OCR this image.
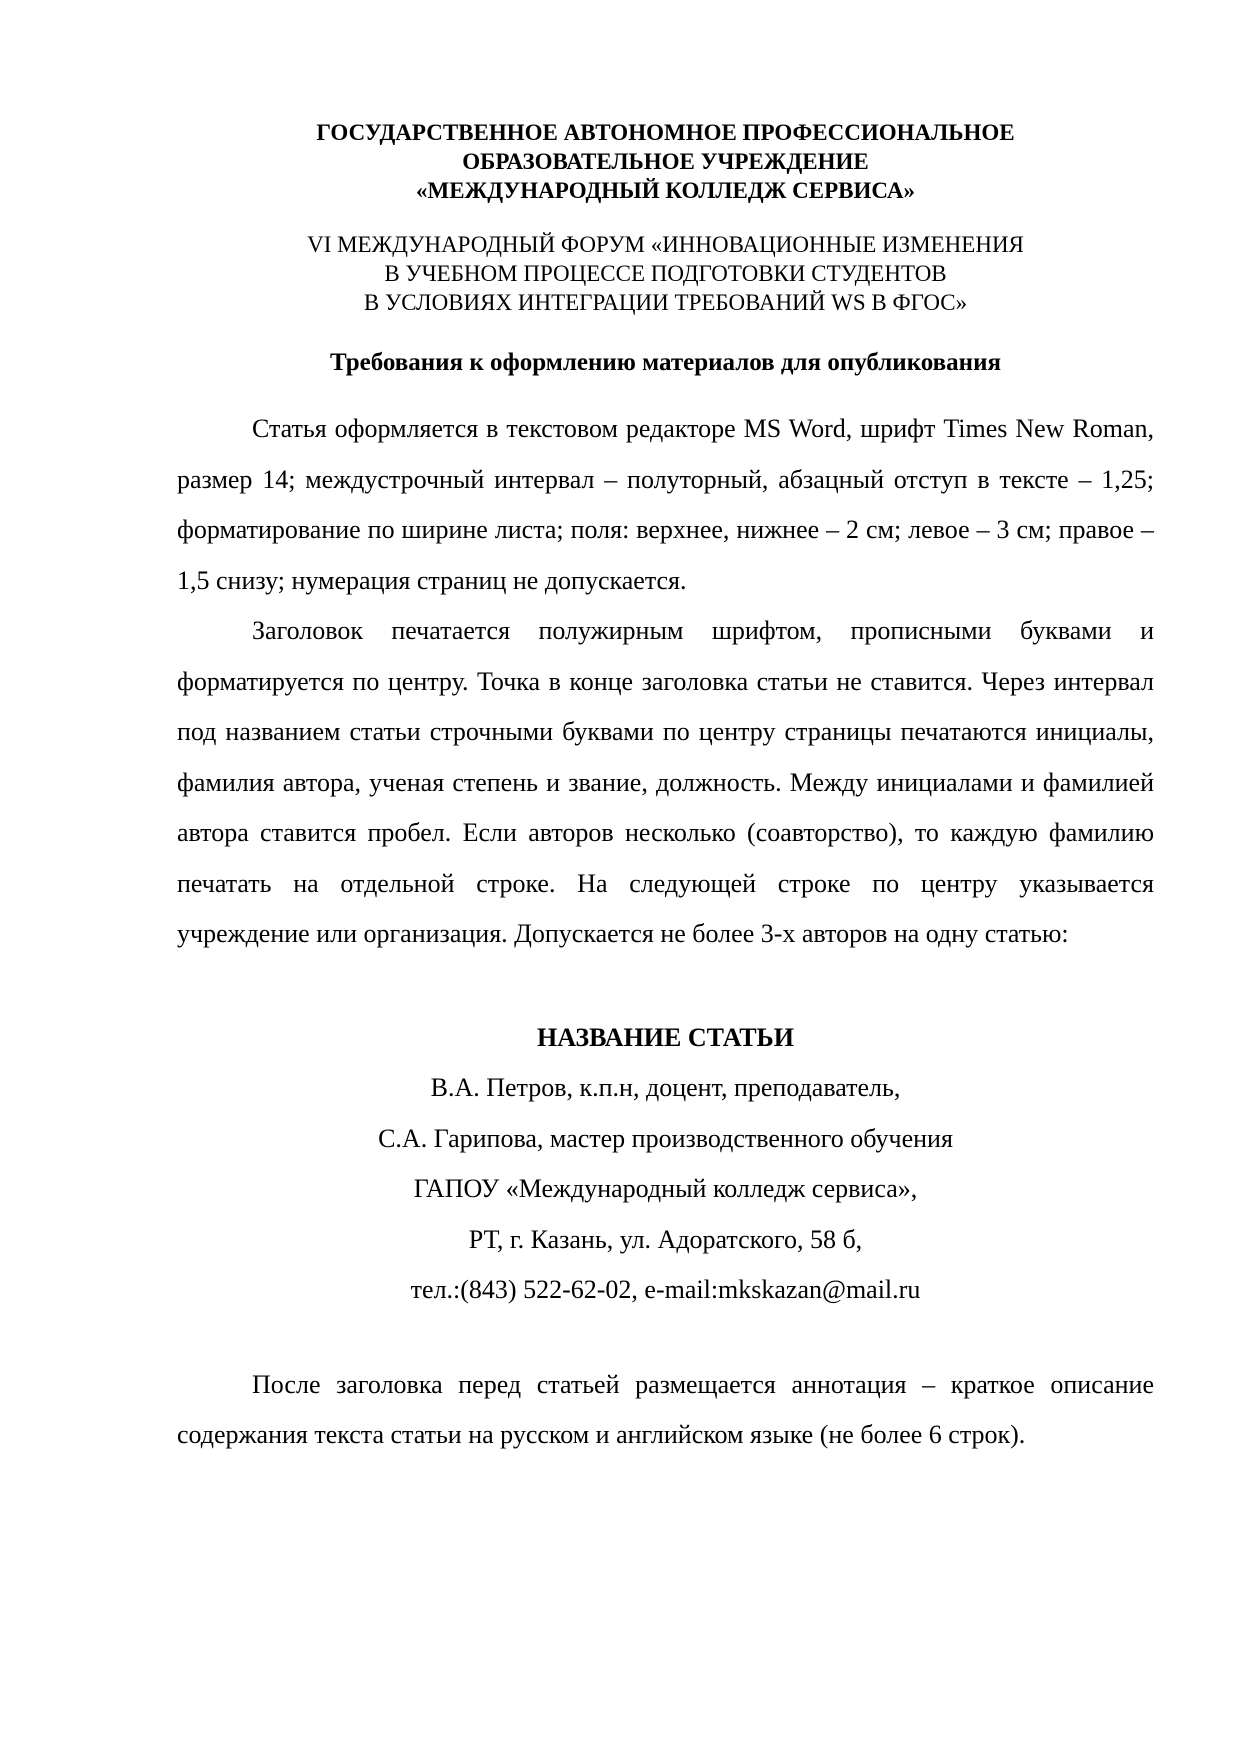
ГОСУДАРСТВЕННОЕ АВТОНОМНОЕ ПРОФЕССИОНАЛЬНОЕ
ОБРАЗОВАТЕЛЬНОЕ УЧРЕЖДЕНИЕ
«МЕЖДУНАРОДНЫЙ КОЛЛЕДЖ СЕРВИСА»
VI МЕЖДУНАРОДНЫЙ ФОРУМ «ИННОВАЦИОННЫЕ ИЗМЕНЕНИЯ
В УЧЕБНОМ ПРОЦЕССЕ ПОДГОТОВКИ СТУДЕНТОВ
В УСЛОВИЯХ ИНТЕГРАЦИИ ТРЕБОВАНИЙ WS В ФГОС»

Требования к оформлению материалов для опубликования

Статья оформляется в текстовом редакторе MS Word, шрифт Times New Roman, размер 14; междустрочный интервал – полуторный, абзацный отступ в тексте – 1,25; форматирование по ширине листа; поля: верхнее, нижнее – 2 см; левое – 3 см; правое – 1,5 снизу; нумерация страниц не допускается.

Заголовок печатается полужирным шрифтом, прописными буквами и форматируется по центру. Точка в конце заголовка статьи не ставится. Через интервал под названием статьи строчными буквами по центру страницы печатаются инициалы, фамилия автора, ученая степень и звание, должность. Между инициалами и фамилией автора ставится пробел. Если авторов несколько (соавторство), то каждую фамилию печатать на отдельной строке. На следующей строке по центру указывается учреждение или организация. Допускается не более 3-х авторов на одну статью:

НАЗВАНИЕ СТАТЬИ

В.А. Петров, к.п.н, доцент, преподаватель,

С.А. Гарипова, мастер производственного обучения

ГАПОУ «Международный колледж сервиса»,

РТ, г. Казань, ул. Адоратского, 58 б,

тел.:(843) 522-62-02, e-mail:mkskazan@mail.ru

После заголовка перед статьей размещается аннотация – краткое описание содержания текста статьи на русском и английском языке (не более 6 строк).
